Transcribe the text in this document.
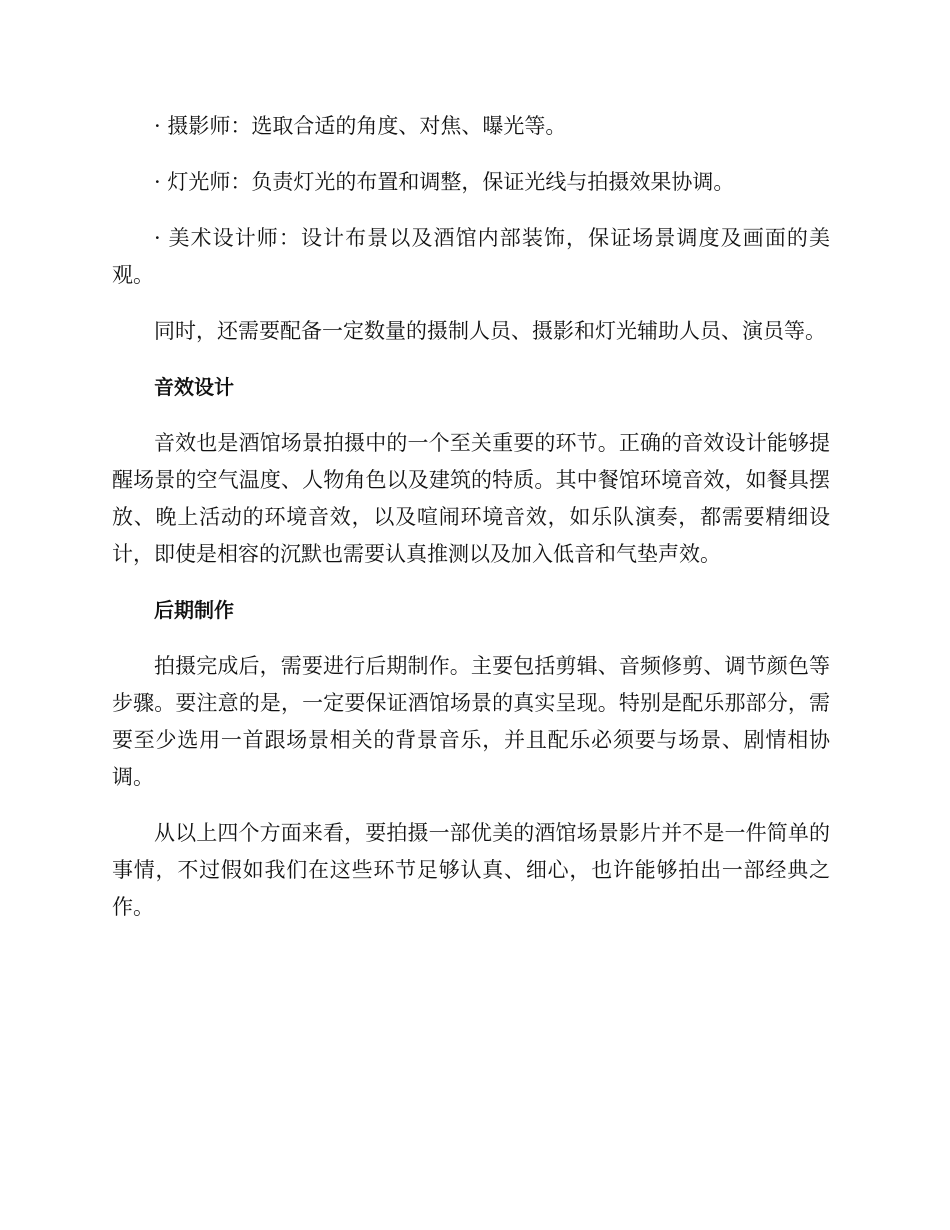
· 摄影师：选取合适的角度、对焦、曝光等。

· 灯光师：负责灯光的布置和调整，保证光线与拍摄效果协调。

· 美术设计师：设计布景以及酒馆内部装饰，保证场景调度及画面的美观。

同时，还需要配备一定数量的摄制人员、摄影和灯光辅助人员、演员等。

音效设计

音效也是酒馆场景拍摄中的一个至关重要的环节。正确的音效设计能够提醒场景的空气温度、人物角色以及建筑的特质。其中餐馆环境音效，如餐具摆放、晚上活动的环境音效，以及喧闹环境音效，如乐队演奏，都需要精细设计，即使是相容的沉默也需要认真推测以及加入低音和气垫声效。

后期制作

拍摄完成后，需要进行后期制作。主要包括剪辑、音频修剪、调节颜色等步骤。要注意的是，一定要保证酒馆场景的真实呈现。特别是配乐那部分，需要至少选用一首跟场景相关的背景音乐，并且配乐必须要与场景、剧情相协调。

从以上四个方面来看，要拍摄一部优美的酒馆场景影片并不是一件简单的事情，不过假如我们在这些环节足够认真、细心，也许能够拍出一部经典之作。
